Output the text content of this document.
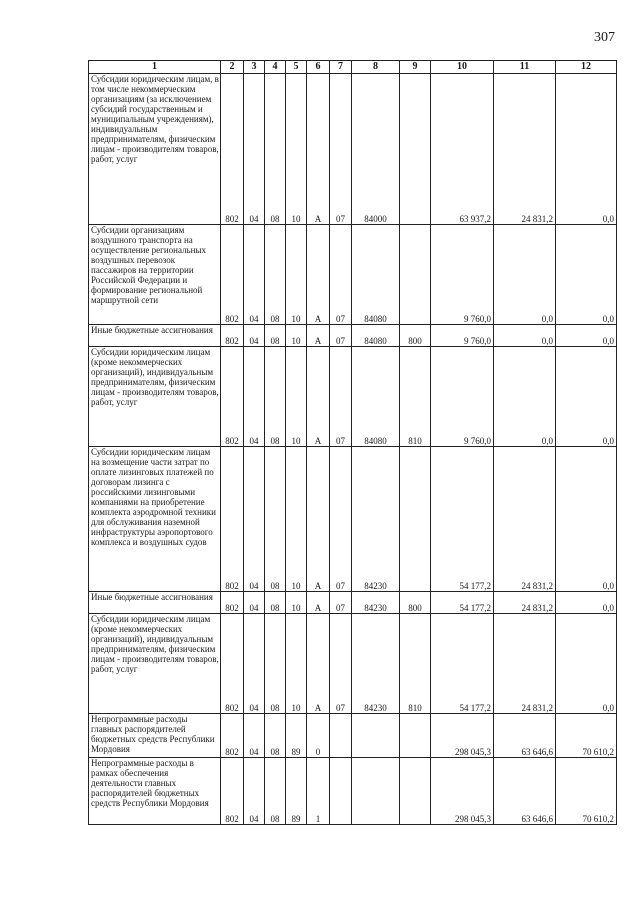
307
1	2	3	4	5	6	7	8	9	10	11	12
Субсидии юридическим лицам, в том числе некоммерческим организациям (за исключением субсидий государственным и муниципальным учреждениям), индивидуальным предпринимателям, физическим лицам - производителям товаров, работ, услуг	802	04	08	10	А	07	84000		63 937,2	24 831,2	0,0
Субсидии организациям воздушного транспорта на осуществление региональных воздушных перевозок пассажиров на территории Российской Федерации и формирование региональной маршрутной сети	802	04	08	10	А	07	84080		9 760,0	0,0	0,0
Иные бюджетные ассигнования	802	04	08	10	А	07	84080	800	9 760,0	0,0	0,0
Субсидии юридическим лицам (кроме некоммерческих организаций), индивидуальным предпринимателям, физическим лицам - производителям товаров, работ, услуг	802	04	08	10	А	07	84080	810	9 760,0	0,0	0,0
Субсидии юридическим лицам на возмещение части затрат по оплате лизинговых платежей по договорам лизинга с российскими лизинговыми компаниями на приобретение комплекта аэродромной техники для обслуживания наземной инфраструктуры аэропортового комплекса и воздушных судов	802	04	08	10	А	07	84230		54 177,2	24 831,2	0,0
Иные бюджетные ассигнования	802	04	08	10	А	07	84230	800	54 177,2	24 831,2	0,0
Субсидии юридическим лицам (кроме некоммерческих организаций), индивидуальным предпринимателям, физическим лицам - производителям товаров, работ, услуг	802	04	08	10	А	07	84230	810	54 177,2	24 831,2	0,0
Непрограммные расходы главных распорядителей бюджетных средств Республики Мордовия	802	04	08	89	0				298 045,3	63 646,6	70 610,2
Непрограммные расходы в рамках обеспечения деятельности главных распорядителей бюджетных средств Республики Мордовия	802	04	08	89	1				298 045,3	63 646,6	70 610,2
